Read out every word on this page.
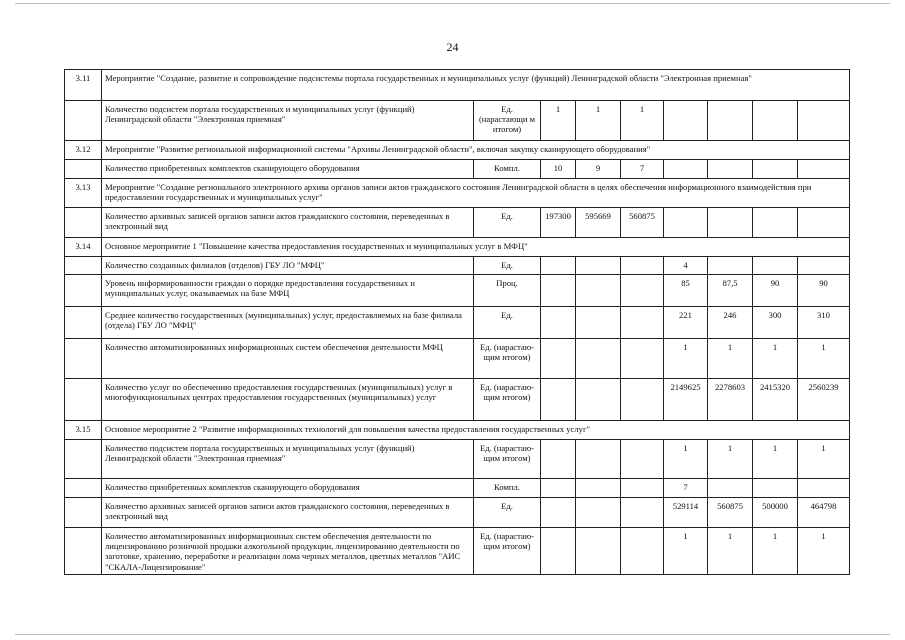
24
3.11	Мероприятие "Создание, развитие и сопровождение подсистемы портала государственных и муниципальных услуг (функций) Ленинградской области "Электронная приемная"								
	Количество подсистем портала государственных и муниципальных услуг (функций) Ленинградской области "Электронная приемная"	Ед. (нарастающи м итогом)	1	1	1				
3.12	Мероприятие "Развитие региональной информационной системы "Архивы Ленинградской области", включая закупку сканирующего оборудования"								
	Количество приобретенных комплектов сканирующего оборудования	Компл.	10	9	7				
3.13	Мероприятие "Создание регионального электронного архива органов записи актов гражданского состояния Ленинградской области в целях обеспечения информационного взаимодействия при предоставлении государственных и муниципальных услуг"								
	Количество архивных записей органов записи актов гражданского состояния, переведенных в электронный вид	Ед.	197300	595669	560875				
3.14	Основное мероприятие 1 "Повышение качества предоставления государственных и муниципальных услуг в МФЦ"								
	Количество созданных филиалов (отделов) ГБУ ЛО "МФЦ"	Ед.				4			
	Уровень информированности граждан о порядке предоставления государственных и муниципальных услуг, оказываемых на базе МФЦ	Проц.				85	87,5	90	90
	Среднее количество государственных (муниципальных) услуг, предоставляемых на базе филиала (отдела) ГБУ ЛО "МФЦ"	Ед.				221	246	300	310
	Количество автоматизированных информационных систем обеспечения деятельности МФЦ	Ед. (нарастаю- щим итогом)				1	1	1	1
	Количество услуг по обеспечению предоставления государственных (муниципальных) услуг в многофункциональных центрах предоставления государственных (муниципальных) услуг	Ед. (нарастаю- щим итогом)				2149625	2278603	2415320	2560239
3.15	Основное мероприятие 2 "Развитие информационных технологий для повышения качества предоставления государственных услуг"								
	Количество подсистем портала государственных и муниципальных услуг (функций) Ленинградской области "Электронная приемная"	Ед. (нарастаю- щим итогом)				1	1	1	1
	Количество приобретенных комплектов сканирующего оборудования	Компл.				7			
	Количество архивных записей органов записи актов гражданского состояния, переведенных в электронный вид	Ед.				529114	560875	500000	464798
	Количество автоматизированных информационных систем обеспечения деятельности по лицензированию розничной продажи алкогольной продукции, лицензированию деятельности по заготовке, хранению, переработке и реализации лома черных металлов, цветных металлов "АИС "СКАЛА-Лицензирование"	Ед. (нарастаю- щим итогом)				1	1	1	1
